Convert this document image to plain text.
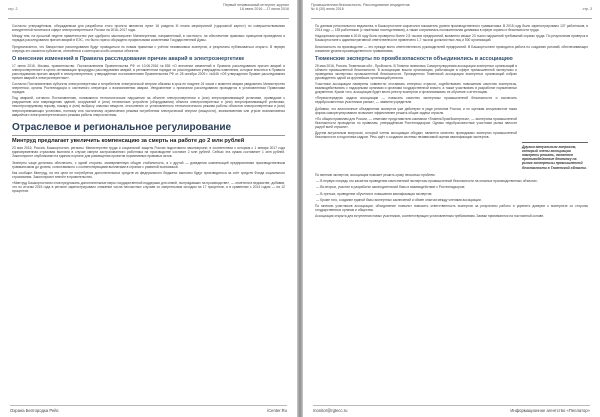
стр. 2
Первый независимый интернет-журнал
18 июня 2016 – 17 июля 2016

Согласно утверждённым, обсуждаемым для разработки этого проекта являются пункт 16 раздела III плана мероприятий («дорожной карты») по совершенствованию конкурентной политики в сфере электроэнергетики в России на 2016–2017 годы.

Между тем, на прошлой неделе правительство уже одобрило законопроект Минэнергетики, направленный, в частности, на обеспечение правовых принципов проведения и порядка расследования причин аварий в ЕЭС, что было горячо обсуждено профильными комитетами Государственной Думы.

Предполагается, что банкротные расследования будут проводиться по новым правилам с учётом независимых экспертов, а результаты публиковаться открыто. В первую очередь это касается субъектов, отнесённых к категории особо опасных объектов.

О внесении изменений в Правила расследования причин аварий в электроэнергетике

17 июня 2016, Москва, правительство. Постановлением Правительства РФ от 10.06.2016 №535 «О внесении изменений в Правила расследования причин аварий в электроэнергетике» в целях оптимизации процедуры расследования аварий, в регламентном порядке их расследования утверждены изменения, которые вносятся в Правила расследования причин аварий в электроэнергетике, утверждённые постановлением Правительства РФ от 28 октября 2009 г. №846 «Об утверждении Правил расследования причин аварий в электроэнергетике».

Согласно Постановлению субъекты электроэнергетики и потребители электрической энергии обязаны в срок не позднее 24 часов с момента аварии уведомлять Министерство энергетики, органы Ростехнадзора и системного оператора о возникновении аварии. Уведомление о признании расследования проводится в установленном Правилами порядке.

Под аварией, согласно Постановлению, понимаются технологические нарушения на объекте электроэнергетики и (или) энергопринимающей установке, приведшие к разрушению или повреждению зданий, сооружений и (или) технических устройств (оборудования) объекта электроэнергетики и (или) энергопринимающей установки, неконтролируемому взрыву, пожару и (или) выбросу опасных веществ, отклонению от установленного технологического режима работы объектов электроэнергетики и (или) энергопринимающих установок, полному или частичному ограничению режима потребления электрической энергии (мощности), возникновению или угрозе возникновения аварийного электроэнергетического режима работы энергосистемы.

Отраслевое и региональное регулирование
Минтруд предлагает увеличить компенсацию за смерть на работе до 2 млн рублей

23 мая 2016, Россия, Башкортостан, регионы. Министерство труда и социальной защиты России подготовило законопроект, в соответствии с которым с 1 января 2017 года единовременная страховая выплата в случае смерти застрахованного работника на производстве составит 2 млн рублей. Сейчас эта сумма составляет 1 млн рублей. Законопроект опубликован на едином портале для размещения проектов нормативных правовых актов.

Эксперты чаще делились обеспечить, с одной стороны, своевременную общую стабильность, а с другой — доведения компенсаций предприятиями производственным травматизмом до уровня, сопоставимого с соответствующими выплатами в странах с развитой экономикой.

Как сообщил Минтруд, на эти цели не потребуется дополнительных средств из федерального бюджета: выплаты будут производиться за счёт средств Фонда социального страхования. Законопроект внесён в правительство.

«Минтруд Башкортостана готов предложить дополнительные меры государственной поддержки для семей, пострадавших на производстве», — отметили в ведомстве, добавив, что по итогам 2015 года в регионе зарегистрировано снижение числа несчастных случаев со смертельным исходом на 17 процентов, а в сравнении с 2014 годом — на 12 процентов.

Охрана Белгородка Рейс	iCenter.Ru
Промышленная безопасность. Расследование инцидентов
№ 6 (30) июнь 2016	стр. 3

По данным регионального ведомства, в Башкортостане сократился показатель уровня производственного травматизма. В 2015 году было зарегистрировано 137 работников, в 2014 году — 155 работников (с тяжёлыми последствиями), а также сохранилась положительная динамика в сфере охраны и безопасности труда.

Надзорными органами в 2015 году было проверено более 2,5 тысячи предприятий, выявлено свыше 23 тысяч нарушений требований охраны труда. По результатам проверок в Башкортостане к административной ответственности привлечено 1,7 тысячи должностных лиц и 500 организаций.

Безопасность на производстве — это прежде всего ответственность руководителей предприятий. В Башкортостане проводится работа по созданию условий, обеспечивающих снижение уровня производственного травматизма.

Тюменские эксперты по промбезопасности объединились в ассоциацию

25 мая 2016, Россия, Тюменская обл., ПроВласть. В Тюмени появилась Саморегулируемая ассоциация экспертных организаций в области промышленной безопасности. В ассоциацию вошли организации, работающие в сфере промышленной экспертизы и проведения экспертизы промышленной безопасности. Президентом Тюменской ассоциации экспертных организаций избран руководитель одной из крупнейших организаций региона.

Участники ассоциации намерены совместно отстаивать интересы отрасли, содействовать повышению качества экспертизы, взаимодействовать с надзорными органами и органами государственной власти, а также участвовать в разработке нормативных документов. Кроме того, ассоциация будет вести реестр экспертов и организовывать их обучение и аттестацию.

«Первоочередная задача ассоциации — повысить качество экспертизы промышленной безопасности и исключить недобросовестных участников рынка», — заявили учредители.

Добавим, что аналогичные объединения экспертов уже действуют в ряде регионов России, и по оценкам специалистов такая форма саморегулирования позволяет эффективнее решать общие задачи отрасли.

«По общим правилам для России, — отмечают представители компании «ТюменьПромЭкспертиза», — экспертиза промышленной безопасности проводится по правилам, утверждённым Ростехнадзором. Однако недобросовестные участники рынка наносят ущерб всей отрасли».

Другим актуальным вопросом, который члены ассоциации обсудят, является качество проводимых экспертиз промышленной безопасности и подготовка кадров. Речь идёт о создании системы независимой оценки квалификации экспертов.

Другим актуальным вопросом, который члены ассоциации намерены решать, является противодействие демпингу на рынке экспертизы промышленной безопасности в Тюменской области.

По мнению экспертов, ассоциация поможет решить сразу несколько проблем:

— В первую очередь это касается проведения качественной экспертизы промышленной безопасности на опасных производственных объектах;

— Во-вторых, участие в разработке законодательной базы и взаимодействие с Ростехнадзором;

— В-третьих, проведение обучения и повышения квалификации экспертов;

— Кроме того, создание единой базы экспертных заключений и обмен опытом между членами ассоциации.

По мнению участников ассоциации, объединение позволит повысить ответственность экспертов за результаты работы и укрепить доверие к экспертизе со стороны государственных органов и общества.

Ассоциация открыта для вступления новых участников, соответствующих установленным требованиям. Заявки принимаются на постоянной основе.

monitor@rgtecc.ru	Информационное агентство «Пеллатор»
